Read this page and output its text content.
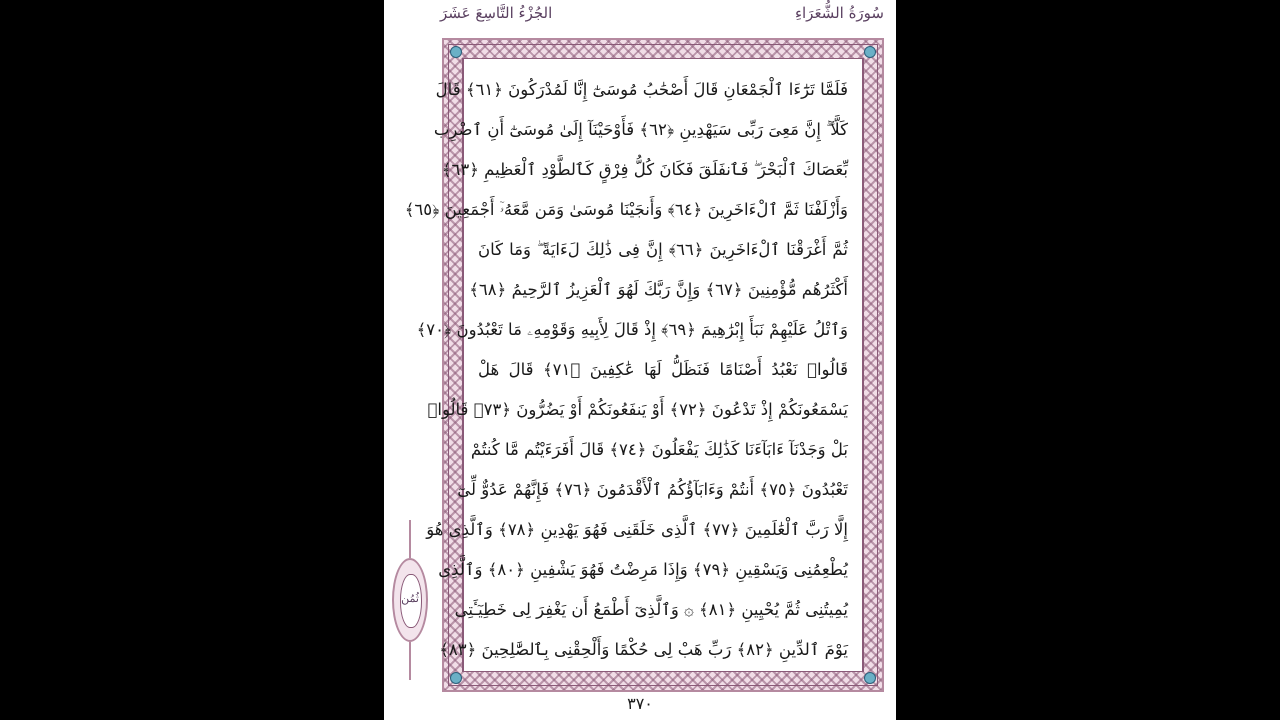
سُورَةُ الشُّعَرَاءِ
الجُزْءُ التَّاسِعَ عَشَرَ
فَلَمَّا تَرَٰٓءَا ٱلْجَمْعَانِ قَالَ أَصْحَٰبُ مُوسَىٰٓ إِنَّا لَمُدْرَكُونَ ﴿٦١﴾ قَالَ
كَلَّآ ۖ إِنَّ مَعِىَ رَبِّى سَيَهْدِينِ ﴿٦٢﴾ فَأَوْحَيْنَآ إِلَىٰ مُوسَىٰٓ أَنِ ٱضْرِب
بِّعَصَاكَ ٱلْبَحْرَ ۖ فَٱنفَلَقَ فَكَانَ كُلُّ فِرْقٍ كَٱلطَّوْدِ ٱلْعَظِيمِ ﴿٦٣﴾
وَأَزْلَفْنَا ثَمَّ ٱلْءَاخَرِينَ ﴿٦٤﴾ وَأَنجَيْنَا مُوسَىٰ وَمَن مَّعَهُۥٓ أَجْمَعِينَ ﴿٦٥﴾
ثُمَّ أَغْرَقْنَا ٱلْءَاخَرِينَ ﴿٦٦﴾ إِنَّ فِى ذَٰلِكَ لَءَايَةً ۖ وَمَا كَانَ
أَكْثَرُهُم مُّؤْمِنِينَ ﴿٦٧﴾ وَإِنَّ رَبَّكَ لَهُوَ ٱلْعَزِيزُ ٱلرَّحِيمُ ﴿٦٨﴾
وَٱتْلُ عَلَيْهِمْ نَبَأَ إِبْرَٰهِيمَ ﴿٦٩﴾ إِذْ قَالَ لِأَبِيهِ وَقَوْمِهِۦ مَا تَعْبُدُونَ ﴿٧٠﴾
قَالُوا۟ نَعْبُدُ أَصْنَامًا فَنَظَلُّ لَهَا عَٰكِفِينَ ﴿٧١﴾ قَالَ هَلْ
يَسْمَعُونَكُمْ إِذْ تَدْعُونَ ﴿٧٢﴾ أَوْ يَنفَعُونَكُمْ أَوْ يَضُرُّونَ ﴿٧٣﴾ قَالُوا۟
بَلْ وَجَدْنَآ ءَابَآءَنَا كَذَٰلِكَ يَفْعَلُونَ ﴿٧٤﴾ قَالَ أَفَرَءَيْتُم مَّا كُنتُمْ
تَعْبُدُونَ ﴿٧٥﴾ أَنتُمْ وَءَابَآؤُكُمُ ٱلْأَقْدَمُونَ ﴿٧٦﴾ فَإِنَّهُمْ عَدُوٌّ لِّىٓ
إِلَّا رَبَّ ٱلْعَٰلَمِينَ ﴿٧٧﴾ ٱلَّذِى خَلَقَنِى فَهُوَ يَهْدِينِ ﴿٧٨﴾ وَٱلَّذِى هُوَ
يُطْعِمُنِى وَيَسْقِينِ ﴿٧٩﴾ وَإِذَا مَرِضْتُ فَهُوَ يَشْفِينِ ﴿٨٠﴾ وَٱلَّذِى
يُمِيتُنِى ثُمَّ يُحْيِينِ ﴿٨١﴾ ۞ وَٱلَّذِىٓ أَطْمَعُ أَن يَغْفِرَ لِى خَطِيٓـَٔتِى
يَوْمَ ٱلدِّينِ ﴿٨٢﴾ رَبِّ هَبْ لِى حُكْمًا وَأَلْحِقْنِى بِٱلصَّٰلِحِينَ ﴿٨٣﴾
ثُمُن
٣٧٠
